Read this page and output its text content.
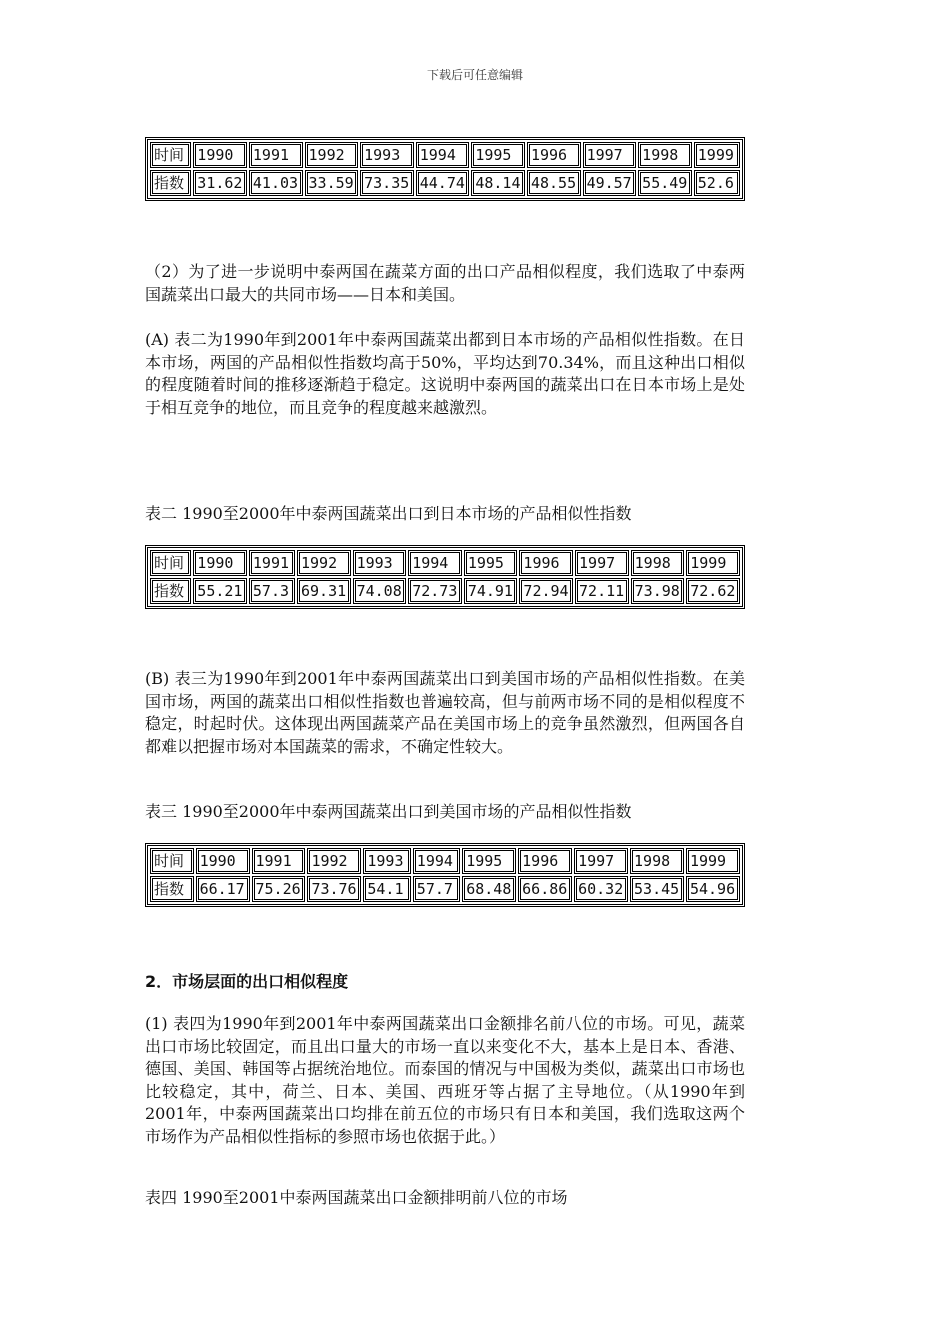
下载后可任意编辑
时间	1990	1991	1992	1993	1994	1995	1996	1997	1998	1999
指数	31.62	41.03	33.59	73.35	44.74	48.14	48.55	49.57	55.49	52.6

（2）为了进一步说明中泰两国在蔬菜方面的出口产品相似程度，我们选取了中泰两国蔬菜出口最大的共同市场——日本和美国。

(A) 表二为1990年到2001年中泰两国蔬菜出都到日本市场的产品相似性指数。在日本市场，两国的产品相似性指数均高于50%，平均达到70.34%，而且这种出口相似的程度随着时间的推移逐渐趋于稳定。这说明中泰两国的蔬菜出口在日本市场上是处于相互竞争的地位，而且竞争的程度越来越激烈。

表二 1990至2000年中泰两国蔬菜出口到日本市场的产品相似性指数

时间	1990	1991	1992	1993	1994	1995	1996	1997	1998	1999
指数	55.21	57.3	69.31	74.08	72.73	74.91	72.94	72.11	73.98	72.62

(B) 表三为1990年到2001年中泰两国蔬菜出口到美国市场的产品相似性指数。在美国市场，两国的蔬菜出口相似性指数也普遍较高，但与前两市场不同的是相似程度不稳定，时起时伏。这体现出两国蔬菜产品在美国市场上的竞争虽然激烈，但两国各自都难以把握市场对本国蔬菜的需求，不确定性较大。

表三 1990至2000年中泰两国蔬菜出口到美国市场的产品相似性指数

时间	1990	1991	1992	1993	1994	1995	1996	1997	1998	1999
指数	66.17	75.26	73.76	54.1	57.7	68.48	66.86	60.32	53.45	54.96
2．市场层面的出口相似程度

(1) 表四为1990年到2001年中泰两国蔬菜出口金额排名前八位的市场。可见，蔬菜出口市场比较固定，而且出口量大的市场一直以来变化不大，基本上是日本、香港、德国、美国、韩国等占据统治地位。而泰国的情况与中国极为类似，蔬菜出口市场也比较稳定，其中，荷兰、日本、美国、西班牙等占据了主导地位。（从1990年到2001年，中泰两国蔬菜出口均排在前五位的市场只有日本和美国，我们选取这两个市场作为产品相似性指标的参照市场也依据于此。）

表四 1990至2001中泰两国蔬菜出口金额排明前八位的市场
